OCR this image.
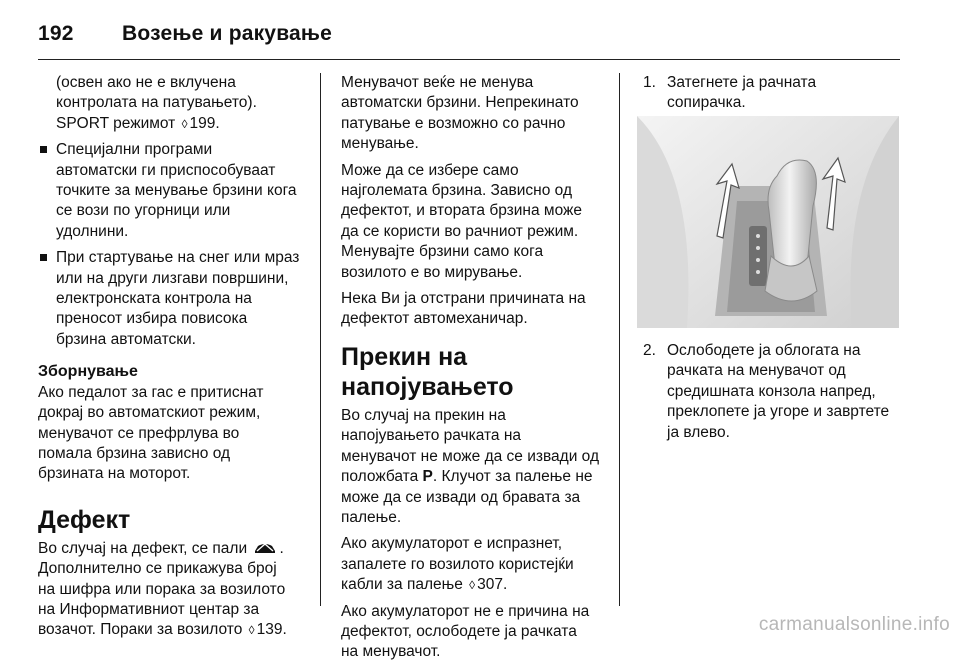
192 Возење и ракување
(освен ако не е вклучена
контролата на патувањето).
SPORT режимот ◊ 199.
Специјални програми
автоматски ги приспособуваат
точките за менување брзини кога
се вози по угорници или
удолнини.
При стартување на снег или мраз
или на други лизгави површини,
електронската контрола на
преносот избира повисока
брзина автоматски.
Зборнување
Ако педалот за гас е притиснат
докрај во автоматскиот режим,
менувачот се префрлува во
помала брзина зависно од
брзината на моторот.
Дефект
Во случај на дефект, се пали .
Дополнително се прикажува број
на шифра или порака за возилото
на Информативниот центар за
возачот. Пораки за возилото ◊ 139.

Менувачот веќе не менува
автоматски брзини. Непрекинато
патување е возможно со рачно
менување.

Може да се избере само
најголемата брзина. Зависно од
дефектот, и втората брзина може
да се користи во рачниот режим.
Менувајте брзини само кога
возилото е во мирување.

Нека Ви ја отстрани причината на
дефектот автомеханичар.

Прекин на напојувањето

Во случај на прекин на
напојувањето рачката на
менувачот не може да се извади од
положбата P. Клучот за палење не
може да се извади од бравата за
палење.

Ако акумулаторот е испразнет,
запалете го возилото користејќи
кабли за палење ◊ 307.

Ако акумулаторот не е причина на
дефектот, ослободете ја рачката
на менувачот.

1. Затегнете ја рачната
сопирачка.
2. Ослободете ја облогата на
рачката на менувачот од
средишната конзола напред,
преклопете ја угоре и завртете
ја влево.
carmanualsonline.info
